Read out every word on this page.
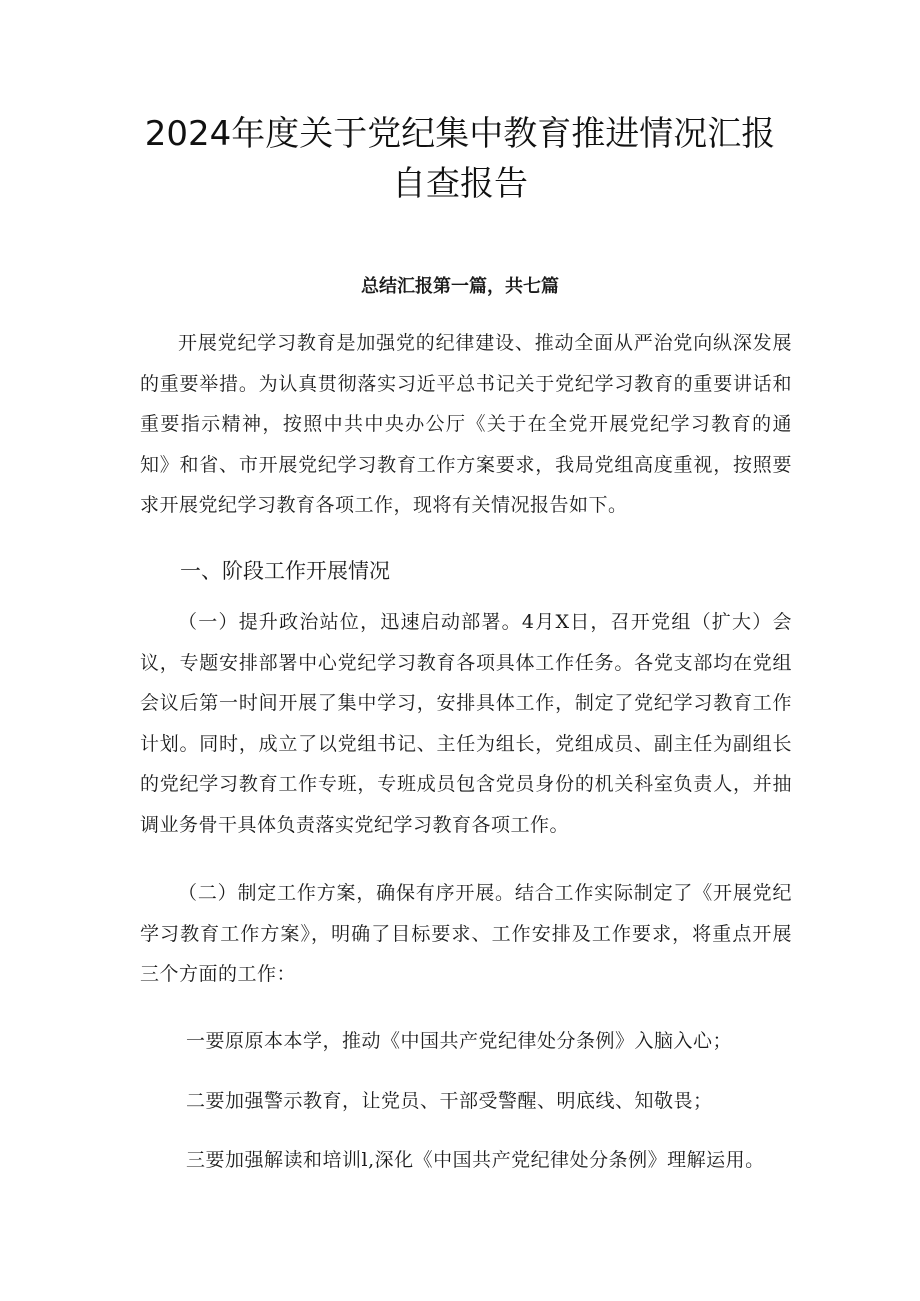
2024年度关于党纪集中教育推进情况汇报
自查报告
总结汇报第一篇，共七篇

开展党纪学习教育是加强党的纪律建设、推动全面从严治党向纵深发展的重要举措。为认真贯彻落实习近平总书记关于党纪学习教育的重要讲话和重要指示精神，按照中共中央办公厅《关于在全党开展党纪学习教育的通知》和省、市开展党纪学习教育工作方案要求，我局党组高度重视，按照要求开展党纪学习教育各项工作，现将有关情况报告如下。

一、阶段工作开展情况

（一）提升政治站位，迅速启动部署。4月X日，召开党组（扩大）会议，专题安排部署中心党纪学习教育各项具体工作任务。各党支部均在党组会议后第一时间开展了集中学习，安排具体工作，制定了党纪学习教育工作计划。同时，成立了以党组书记、主任为组长，党组成员、副主任为副组长的党纪学习教育工作专班，专班成员包含党员身份的机关科室负责人，并抽调业务骨干具体负责落实党纪学习教育各项工作。

（二）制定工作方案，确保有序开展。结合工作实际制定了《开展党纪学习教育工作方案》，明确了目标要求、工作安排及工作要求，将重点开展三个方面的工作：

一要原原本本学，推动《中国共产党纪律处分条例》入脑入心；
二要加强警示教育，让党员、干部受警醒、明底线、知敬畏；
三要加强解读和培训l,深化《中国共产党纪律处分条例》理解运用。
